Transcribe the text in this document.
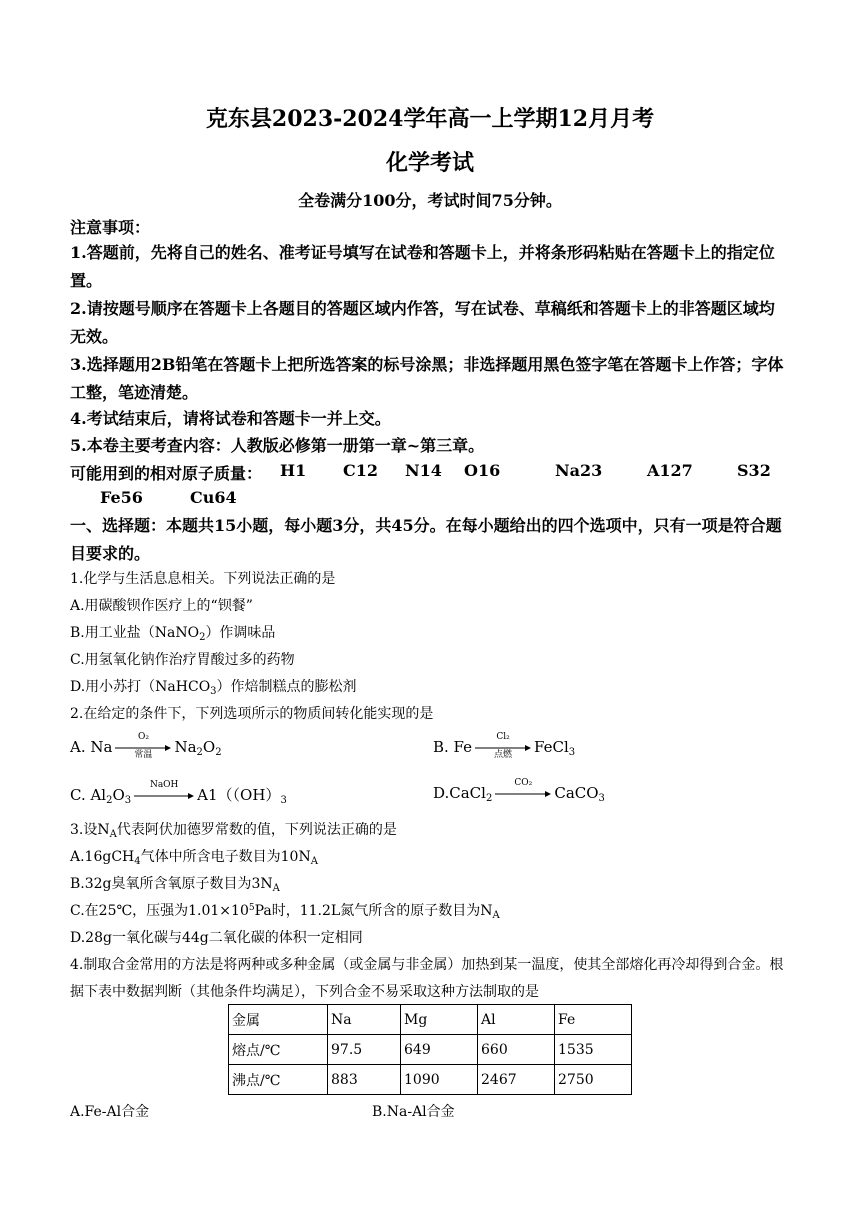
克东县2023-2024学年高一上学期12月月考
化学考试
全卷满分100分，考试时间75分钟。
注意事项：
1.答题前，先将自己的姓名、准考证号填写在试卷和答题卡上，并将条形码粘贴在答题卡上的指定位置。
2.请按题号顺序在答题卡上各题目的答题区域内作答，写在试卷、草稿纸和答题卡上的非答题区域均无效。
3.选择题用2B铅笔在答题卡上把所选答案的标号涂黑；非选择题用黑色签字笔在答题卡上作答；字体工整，笔迹清楚。
4.考试结束后，请将试卷和答题卡一并上交。
5.本卷主要考查内容：人教版必修第一册第一章~第三章。
可能用到的相对原子质量： H1 C12 N14 O16	Na23	A127	S32
Fe56	Cu64
一、选择题：本题共15小题，每小题3分，共45分。在每小题给出的四个选项中，只有一项是符合题目要求的。
1.化学与生活息息相关。下列说法正确的是
A.用碳酸钡作医疗上的“钡餐”
B.用工业盐（NaNO$_2$）作调味品
C.用氢氧化钠作治疗胃酸过多的药物
D.用小苏打（NaHCO$_3$）作焙制糕点的膨松剂
2.在给定的条件下，下列选项所示的物质间转化能实现的是
A. Na
O₂
常温	$Na_2O_2$	B. Fe
Cl₂
点燃	FeCl$_3$
C. $Al_2O_3$
NaOH
$A1((OH)_3$	D.CaCl$_2$
CO₂
CaCO$_3$
3.设$N_A$代表阿伏加德罗常数的值，下列说法正确的是
A.16gCH$_4$气体中所含电子数目为$10N_A$
B.32g臭氧所含氧原子数目为$3N_A$
C.在25℃，压强为$1.01\times 10^5Pa$时，11.2L氮气所含的原子数目为$N_A$
D.28g一氧化碳与44g二氧化碳的体积一定相同
4.制取合金常用的方法是将两种或多种金属（或金属与非金属）加热到某一温度，使其全部熔化再冷却得到合金。根据下表中数据判断（其他条件均满足），下列合金不易采取这种方法制取的是
金属	Na	Mg	Al	Fe
熔点/℃	97.5	649	660	1535
沸点/℃	883	1090	2467	2750
A.Fe-Al合金	B.Na-Al合金
